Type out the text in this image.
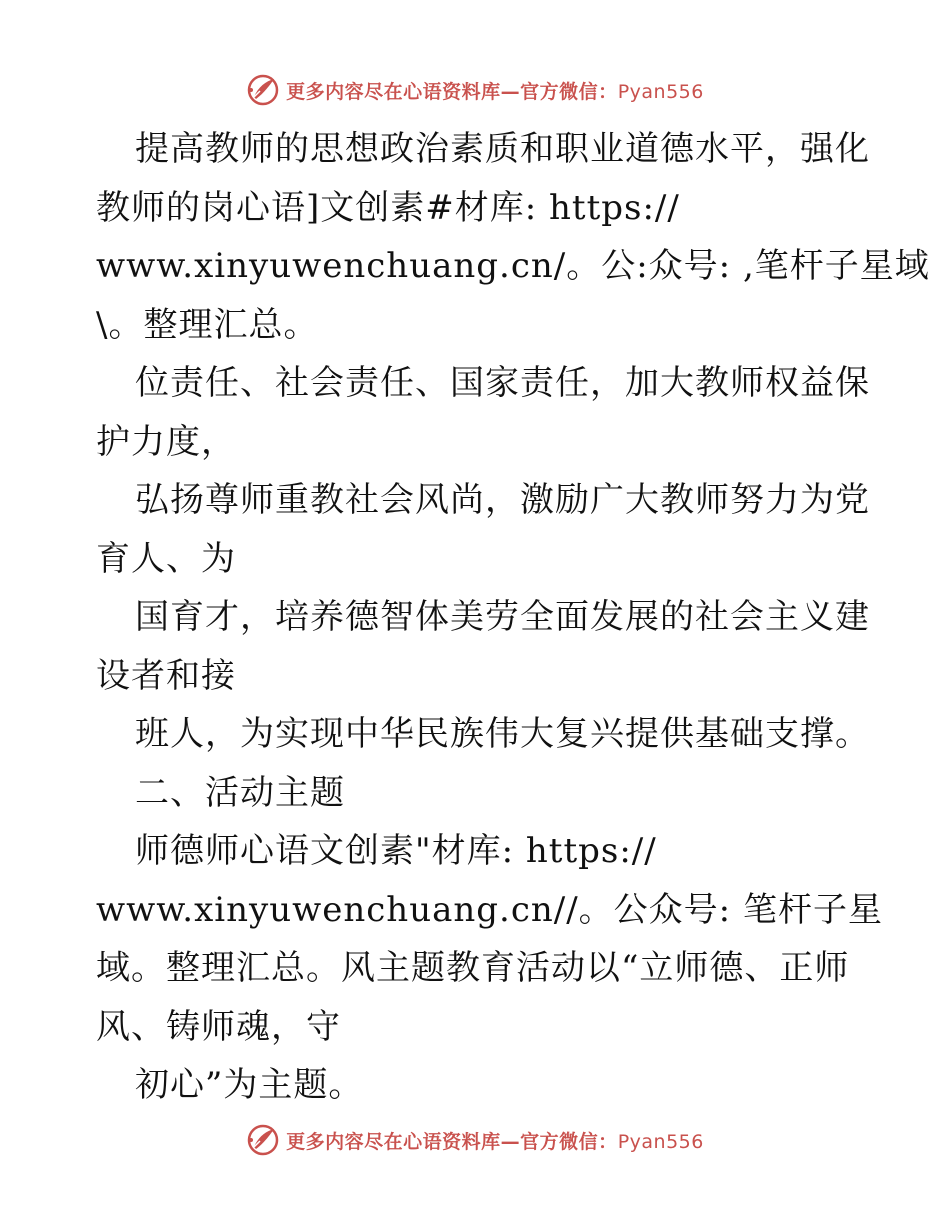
更多内容尽在心语资料库—官方微信：Pyan556
提高教师的思想政治素质和职业道德水平，强化
教师的岗心语]文创素#材库: https://
www.xinyuwenchuang.cn/。公:众号: ,笔杆子星域
\。整理汇总。
位责任、社会责任、国家责任，加大教师权益保
护力度，
弘扬尊师重教社会风尚，激励广大教师努力为党
育人、为
国育才，培养德智体美劳全面发展的社会主义建
设者和接
班人，为实现中华民族伟大复兴提供基础支撑。
二、活动主题
师德师心语文创素"材库: https://
www.xinyuwenchuang.cn//。公众号: 笔杆子星
域。整理汇总。风主题教育活动以“立师德、正师
风、铸师魂，守
初心”为主题。
更多内容尽在心语资料库—官方微信：Pyan556
